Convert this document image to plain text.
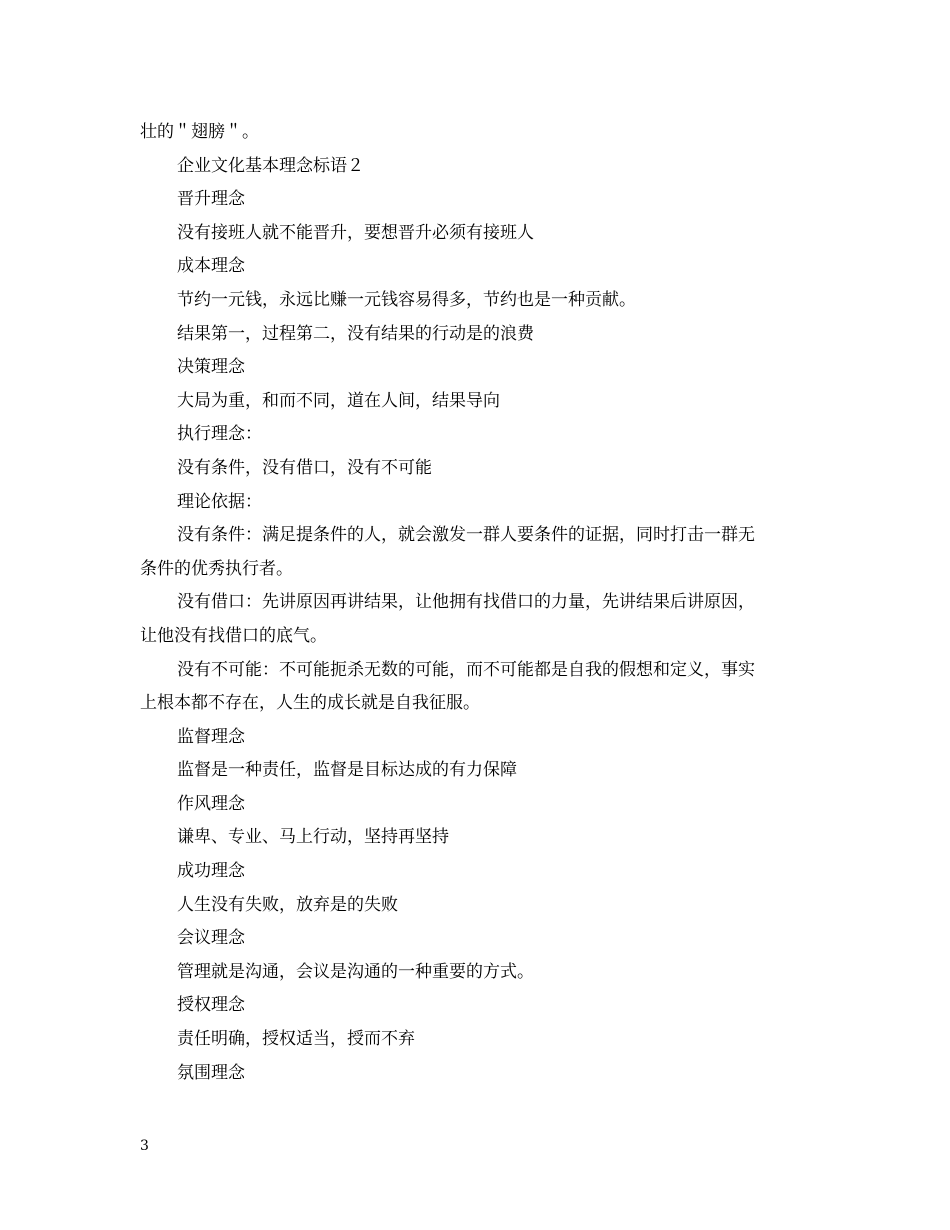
壮的＂翅膀＂。

企业文化基本理念标语２

晋升理念

没有接班人就不能晋升，要想晋升必须有接班人

成本理念

节约一元钱，永远比赚一元钱容易得多，节约也是一种贡献。

结果第一，过程第二，没有结果的行动是的浪费

决策理念

大局为重，和而不同，道在人间，结果导向

执行理念：

没有条件，没有借口，没有不可能

理论依据：

没有条件：满足提条件的人，就会激发一群人要条件的证据，同时打击一群无
条件的优秀执行者。
没有借口：先讲原因再讲结果，让他拥有找借口的力量，先讲结果后讲原因，
让他没有找借口的底气。
没有不可能：不可能扼杀无数的可能，而不可能都是自我的假想和定义，事实
上根本都不存在，人生的成长就是自我征服。

监督理念

监督是一种责任，监督是目标达成的有力保障

作风理念

谦卑、专业、马上行动，坚持再坚持

成功理念

人生没有失败，放弃是的失败

会议理念

管理就是沟通，会议是沟通的一种重要的方式。

授权理念

责任明确，授权适当，授而不弃

氛围理念

3
